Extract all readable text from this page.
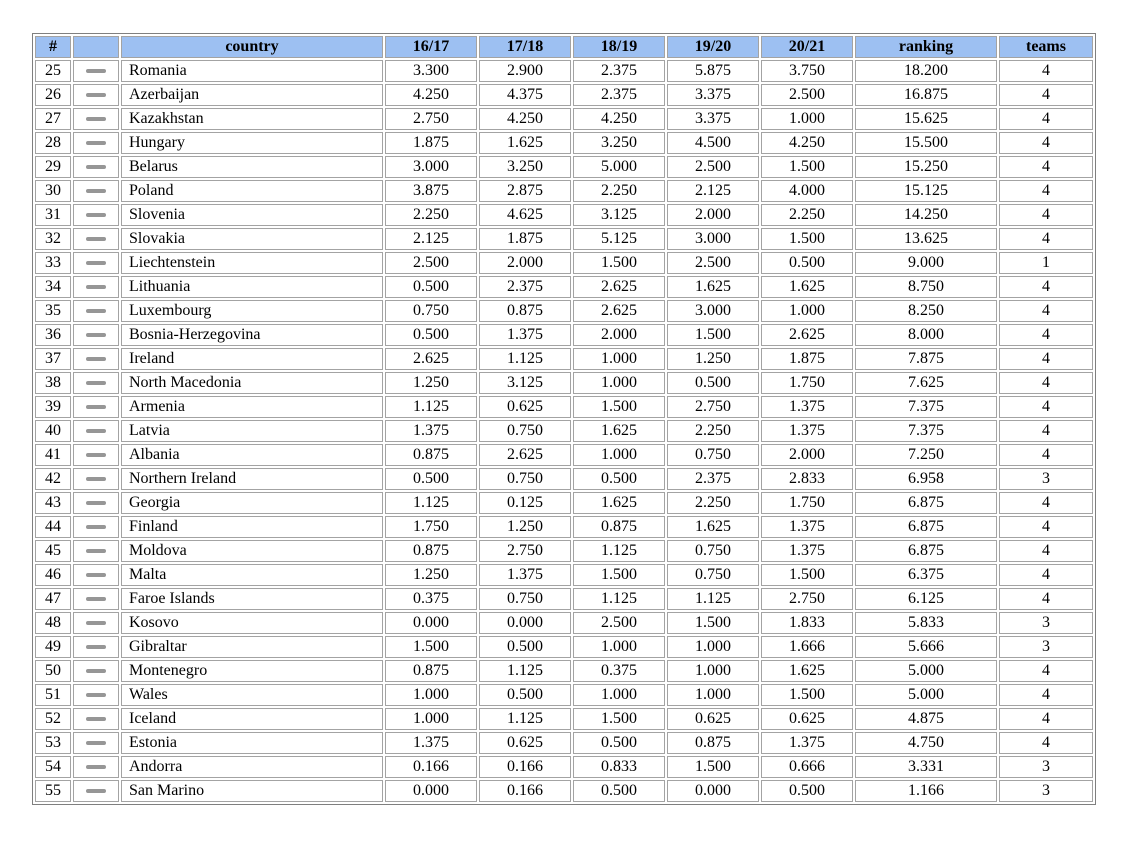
#		country	16/17	17/18	18/19	19/20	20/21	ranking	teams
25		Romania	3.300	2.900	2.375	5.875	3.750	18.200	4
26		Azerbaijan	4.250	4.375	2.375	3.375	2.500	16.875	4
27		Kazakhstan	2.750	4.250	4.250	3.375	1.000	15.625	4
28		Hungary	1.875	1.625	3.250	4.500	4.250	15.500	4
29		Belarus	3.000	3.250	5.000	2.500	1.500	15.250	4
30		Poland	3.875	2.875	2.250	2.125	4.000	15.125	4
31		Slovenia	2.250	4.625	3.125	2.000	2.250	14.250	4
32		Slovakia	2.125	1.875	5.125	3.000	1.500	13.625	4
33		Liechtenstein	2.500	2.000	1.500	2.500	0.500	9.000	1
34		Lithuania	0.500	2.375	2.625	1.625	1.625	8.750	4
35		Luxembourg	0.750	0.875	2.625	3.000	1.000	8.250	4
36		Bosnia-Herzegovina	0.500	1.375	2.000	1.500	2.625	8.000	4
37		Ireland	2.625	1.125	1.000	1.250	1.875	7.875	4
38		North Macedonia	1.250	3.125	1.000	0.500	1.750	7.625	4
39		Armenia	1.125	0.625	1.500	2.750	1.375	7.375	4
40		Latvia	1.375	0.750	1.625	2.250	1.375	7.375	4
41		Albania	0.875	2.625	1.000	0.750	2.000	7.250	4
42		Northern Ireland	0.500	0.750	0.500	2.375	2.833	6.958	3
43		Georgia	1.125	0.125	1.625	2.250	1.750	6.875	4
44		Finland	1.750	1.250	0.875	1.625	1.375	6.875	4
45		Moldova	0.875	2.750	1.125	0.750	1.375	6.875	4
46		Malta	1.250	1.375	1.500	0.750	1.500	6.375	4
47		Faroe Islands	0.375	0.750	1.125	1.125	2.750	6.125	4
48		Kosovo	0.000	0.000	2.500	1.500	1.833	5.833	3
49		Gibraltar	1.500	0.500	1.000	1.000	1.666	5.666	3
50		Montenegro	0.875	1.125	0.375	1.000	1.625	5.000	4
51		Wales	1.000	0.500	1.000	1.000	1.500	5.000	4
52		Iceland	1.000	1.125	1.500	0.625	0.625	4.875	4
53		Estonia	1.375	0.625	0.500	0.875	1.375	4.750	4
54		Andorra	0.166	0.166	0.833	1.500	0.666	3.331	3
55		San Marino	0.000	0.166	0.500	0.000	0.500	1.166	3
